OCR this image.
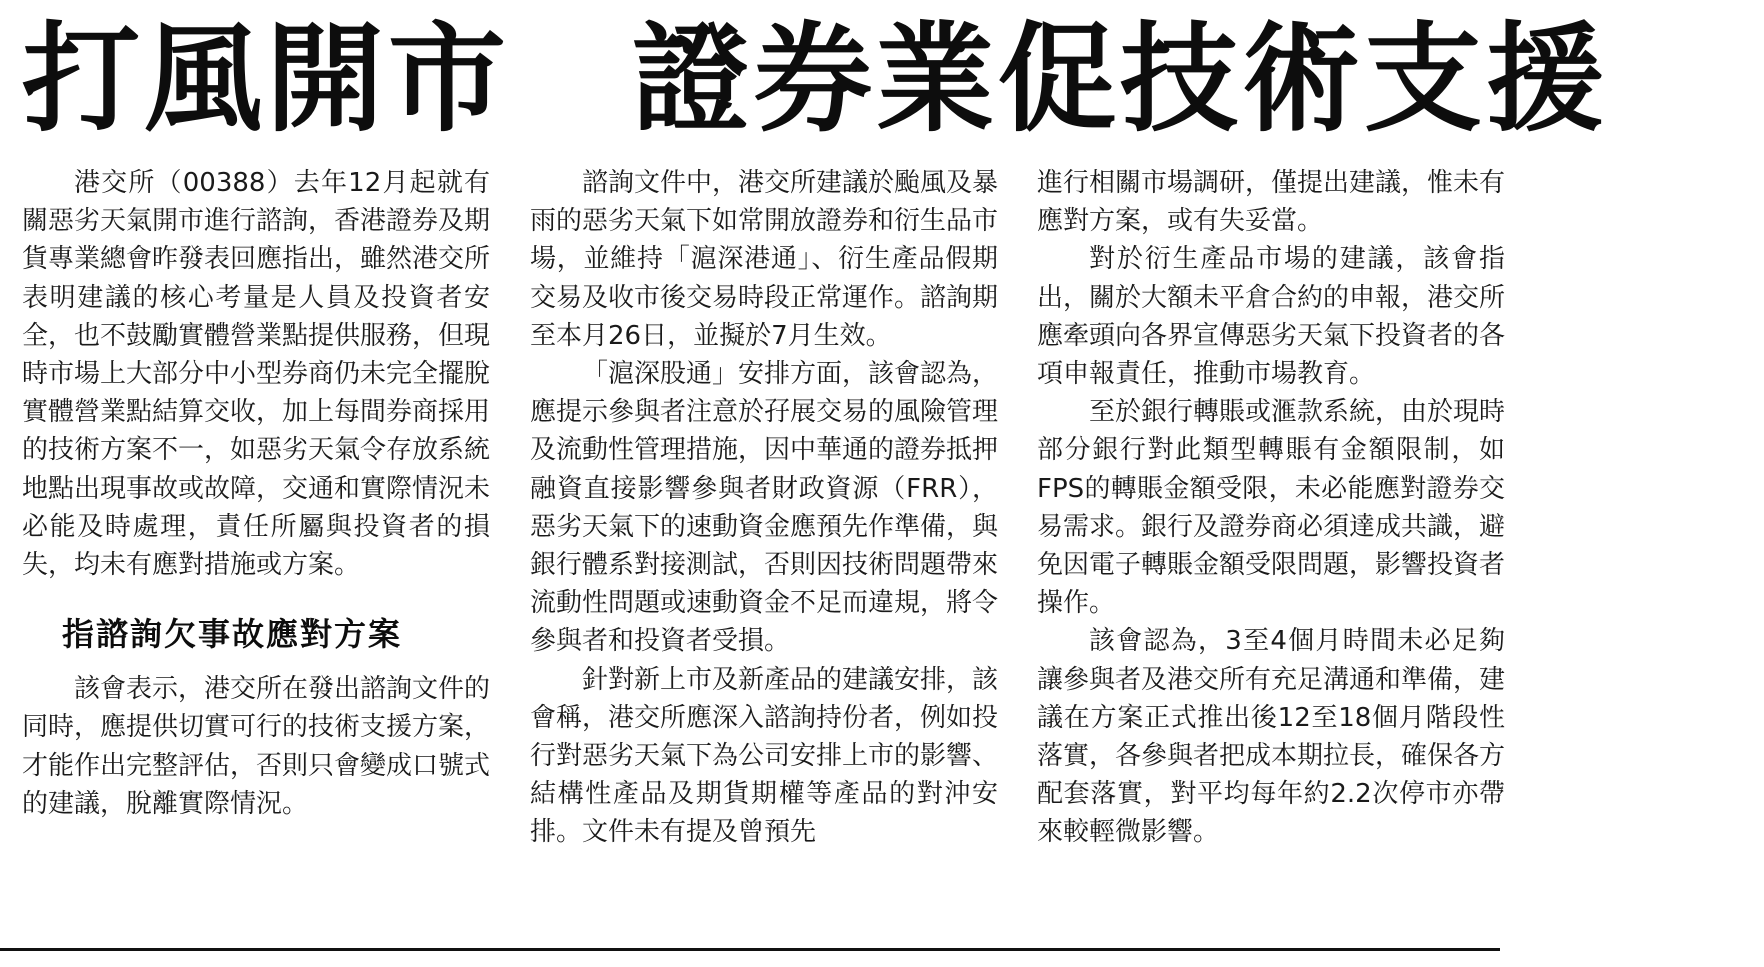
打風開市　證券業促技術支援

港交所（00388）去年12月起就有關惡劣天氣開市進行諮詢，香港證券及期貨專業總會昨發表回應指出，雖然港交所表明建議的核心考量是人員及投資者安全，也不鼓勵實體營業點提供服務，但現時市場上大部分中小型券商仍未完全擺脫實體營業點結算交收，加上每間券商採用的技術方案不一，如惡劣天氣令存放系統地點出現事故或故障，交通和實際情況未必能及時處理，責任所屬與投資者的損失，均未有應對措施或方案。

指諮詢欠事故應對方案

該會表示，港交所在發出諮詢文件的同時，應提供切實可行的技術支援方案，才能作出完整評估，否則只會變成口號式的建議，脫離實際情況。

諮詢文件中，港交所建議於颱風及暴雨的惡劣天氣下如常開放證券和衍生品市場，並維持「滬深港通」、衍生產品假期交易及收市後交易時段正常運作。諮詢期至本月26日，並擬於7月生效。

「滬深股通」安排方面，該會認為，應提示參與者注意於孖展交易的風險管理及流動性管理措施，因中華通的證券抵押融資直接影響參與者財政資源（FRR），惡劣天氣下的速動資金應預先作準備，與銀行體系對接測試，否則因技術問題帶來流動性問題或速動資金不足而違規，將令參與者和投資者受損。

針對新上市及新產品的建議安排，該會稱，港交所應深入諮詢持份者，例如投行對惡劣天氣下為公司安排上市的影響、結構性產品及期貨期權等產品的對沖安排。文件未有提及曾預先

進行相關市場調研，僅提出建議，惟未有應對方案，或有失妥當。

對於衍生產品市場的建議，該會指出，關於大額未平倉合約的申報，港交所應牽頭向各界宣傳惡劣天氣下投資者的各項申報責任，推動市場教育。

至於銀行轉賬或滙款系統，由於現時部分銀行對此類型轉賬有金額限制，如FPS的轉賬金額受限，未必能應對證券交易需求。銀行及證券商必須達成共識，避免因電子轉賬金額受限問題，影響投資者操作。

該會認為，3至4個月時間未必足夠讓參與者及港交所有充足溝通和準備，建議在方案正式推出後12至18個月階段性落實，各參與者把成本期拉長，確保各方配套落實，對平均每年約2.2次停市亦帶來較輕微影響。
